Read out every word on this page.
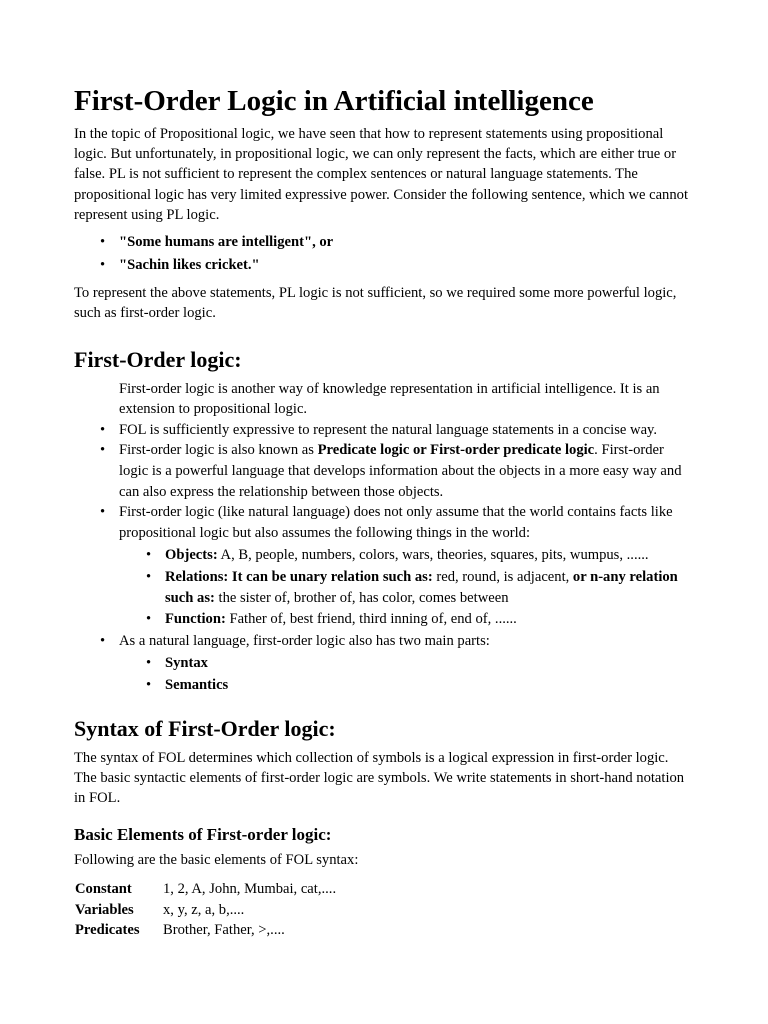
First-Order Logic in Artificial intelligence

In the topic of Propositional logic, we have seen that how to represent statements using propositional logic. But unfortunately, in propositional logic, we can only represent the facts, which are either true or false. PL is not sufficient to represent the complex sentences or natural language statements. The propositional logic has very limited expressive power. Consider the following sentence, which we cannot represent using PL logic.

• "Some humans are intelligent", or
• "Sachin likes cricket."

To represent the above statements, PL logic is not sufficient, so we required some more powerful logic, such as first-order logic.

First-Order logic:
First-order logic is another way of knowledge representation in artificial intelligence. It is an extension to propositional logic.
• FOL is sufficiently expressive to represent the natural language statements in a concise way.
• First-order logic is also known as Predicate logic or First-order predicate logic. First-order logic is a powerful language that develops information about the objects in a more easy way and can also express the relationship between those objects.
• First-order logic (like natural language) does not only assume that the world contains facts like propositional logic but also assumes the following things in the world:
• Objects: A, B, people, numbers, colors, wars, theories, squares, pits, wumpus, ......
• Relations: It can be unary relation such as: red, round, is adjacent, or n-any relation such as: the sister of, brother of, has color, comes between
• Function: Father of, best friend, third inning of, end of, ......
• As a natural language, first-order logic also has two main parts:
• Syntax
• Semantics
Syntax of First-Order logic:

The syntax of FOL determines which collection of symbols is a logical expression in first-order logic. The basic syntactic elements of first-order logic are symbols. We write statements in short-hand notation in FOL.

Basic Elements of First-order logic:

Following are the basic elements of FOL syntax:

Constant	1, 2, A, John, Mumbai, cat,....
Variables	x, y, z, a, b,....
Predicates	Brother, Father, >,....
